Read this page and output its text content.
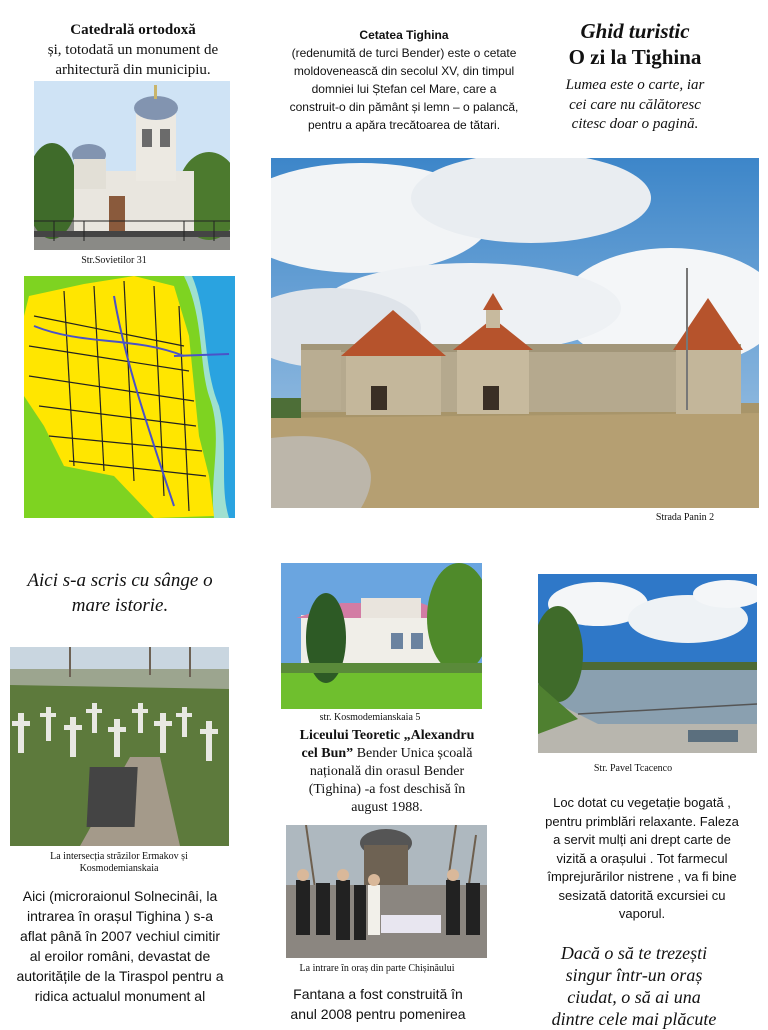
Catedrală ortodoxă
și, totodată un monument de arhitectură din municipiu.
Str.Sovietilor 31
Cetatea Tighina
(redenumită de turci Bender) este o cetate moldovenească din secolul XV, din timpul domniei lui Ștefan cel Mare, care a construit-o din pământ și lemn – o palancă, pentru a apăra trecătoarea de tătari.
Ghid turistic
O zi la Tighina
Lumea este o carte, iar cei care nu călătoresc citesc doar o pagină.
Strada Panin 2
Aici s-a scris cu sânge o mare istorie.
La intersecția străzilor Ermakov și Kosmodemianskaia
Aici (microraionul Solnecinâi, la intrarea în orașul Tighina ) s-a aflat până în 2007 vechiul cimitir al eroilor români, devastat de autoritățile de la Tiraspol pentru a ridica actualul monument al
str. Kosmodemianskaia 5
Liceului Teoretic „Alexandru cel Bun” Bender Unica școală națională din orasul Bender (Tighina) -a fost deschisă în august 1988.
La intrare în oraș din parte Chișinăului
Fantana a fost construită în anul 2008 pentru pomenirea
Str. Pavel Tcacenco
Loc dotat cu vegetație bogată , pentru primblări relaxante. Faleza a servit mulți ani drept carte de vizită a orașului . Tot farmecul împrejurărilor nistrene , va fi bine sesizată datorită excursiei cu vaporul.
Dacă o să te trezești singur într-un oraș ciudat, o să ai una dintre cele mai plăcute
